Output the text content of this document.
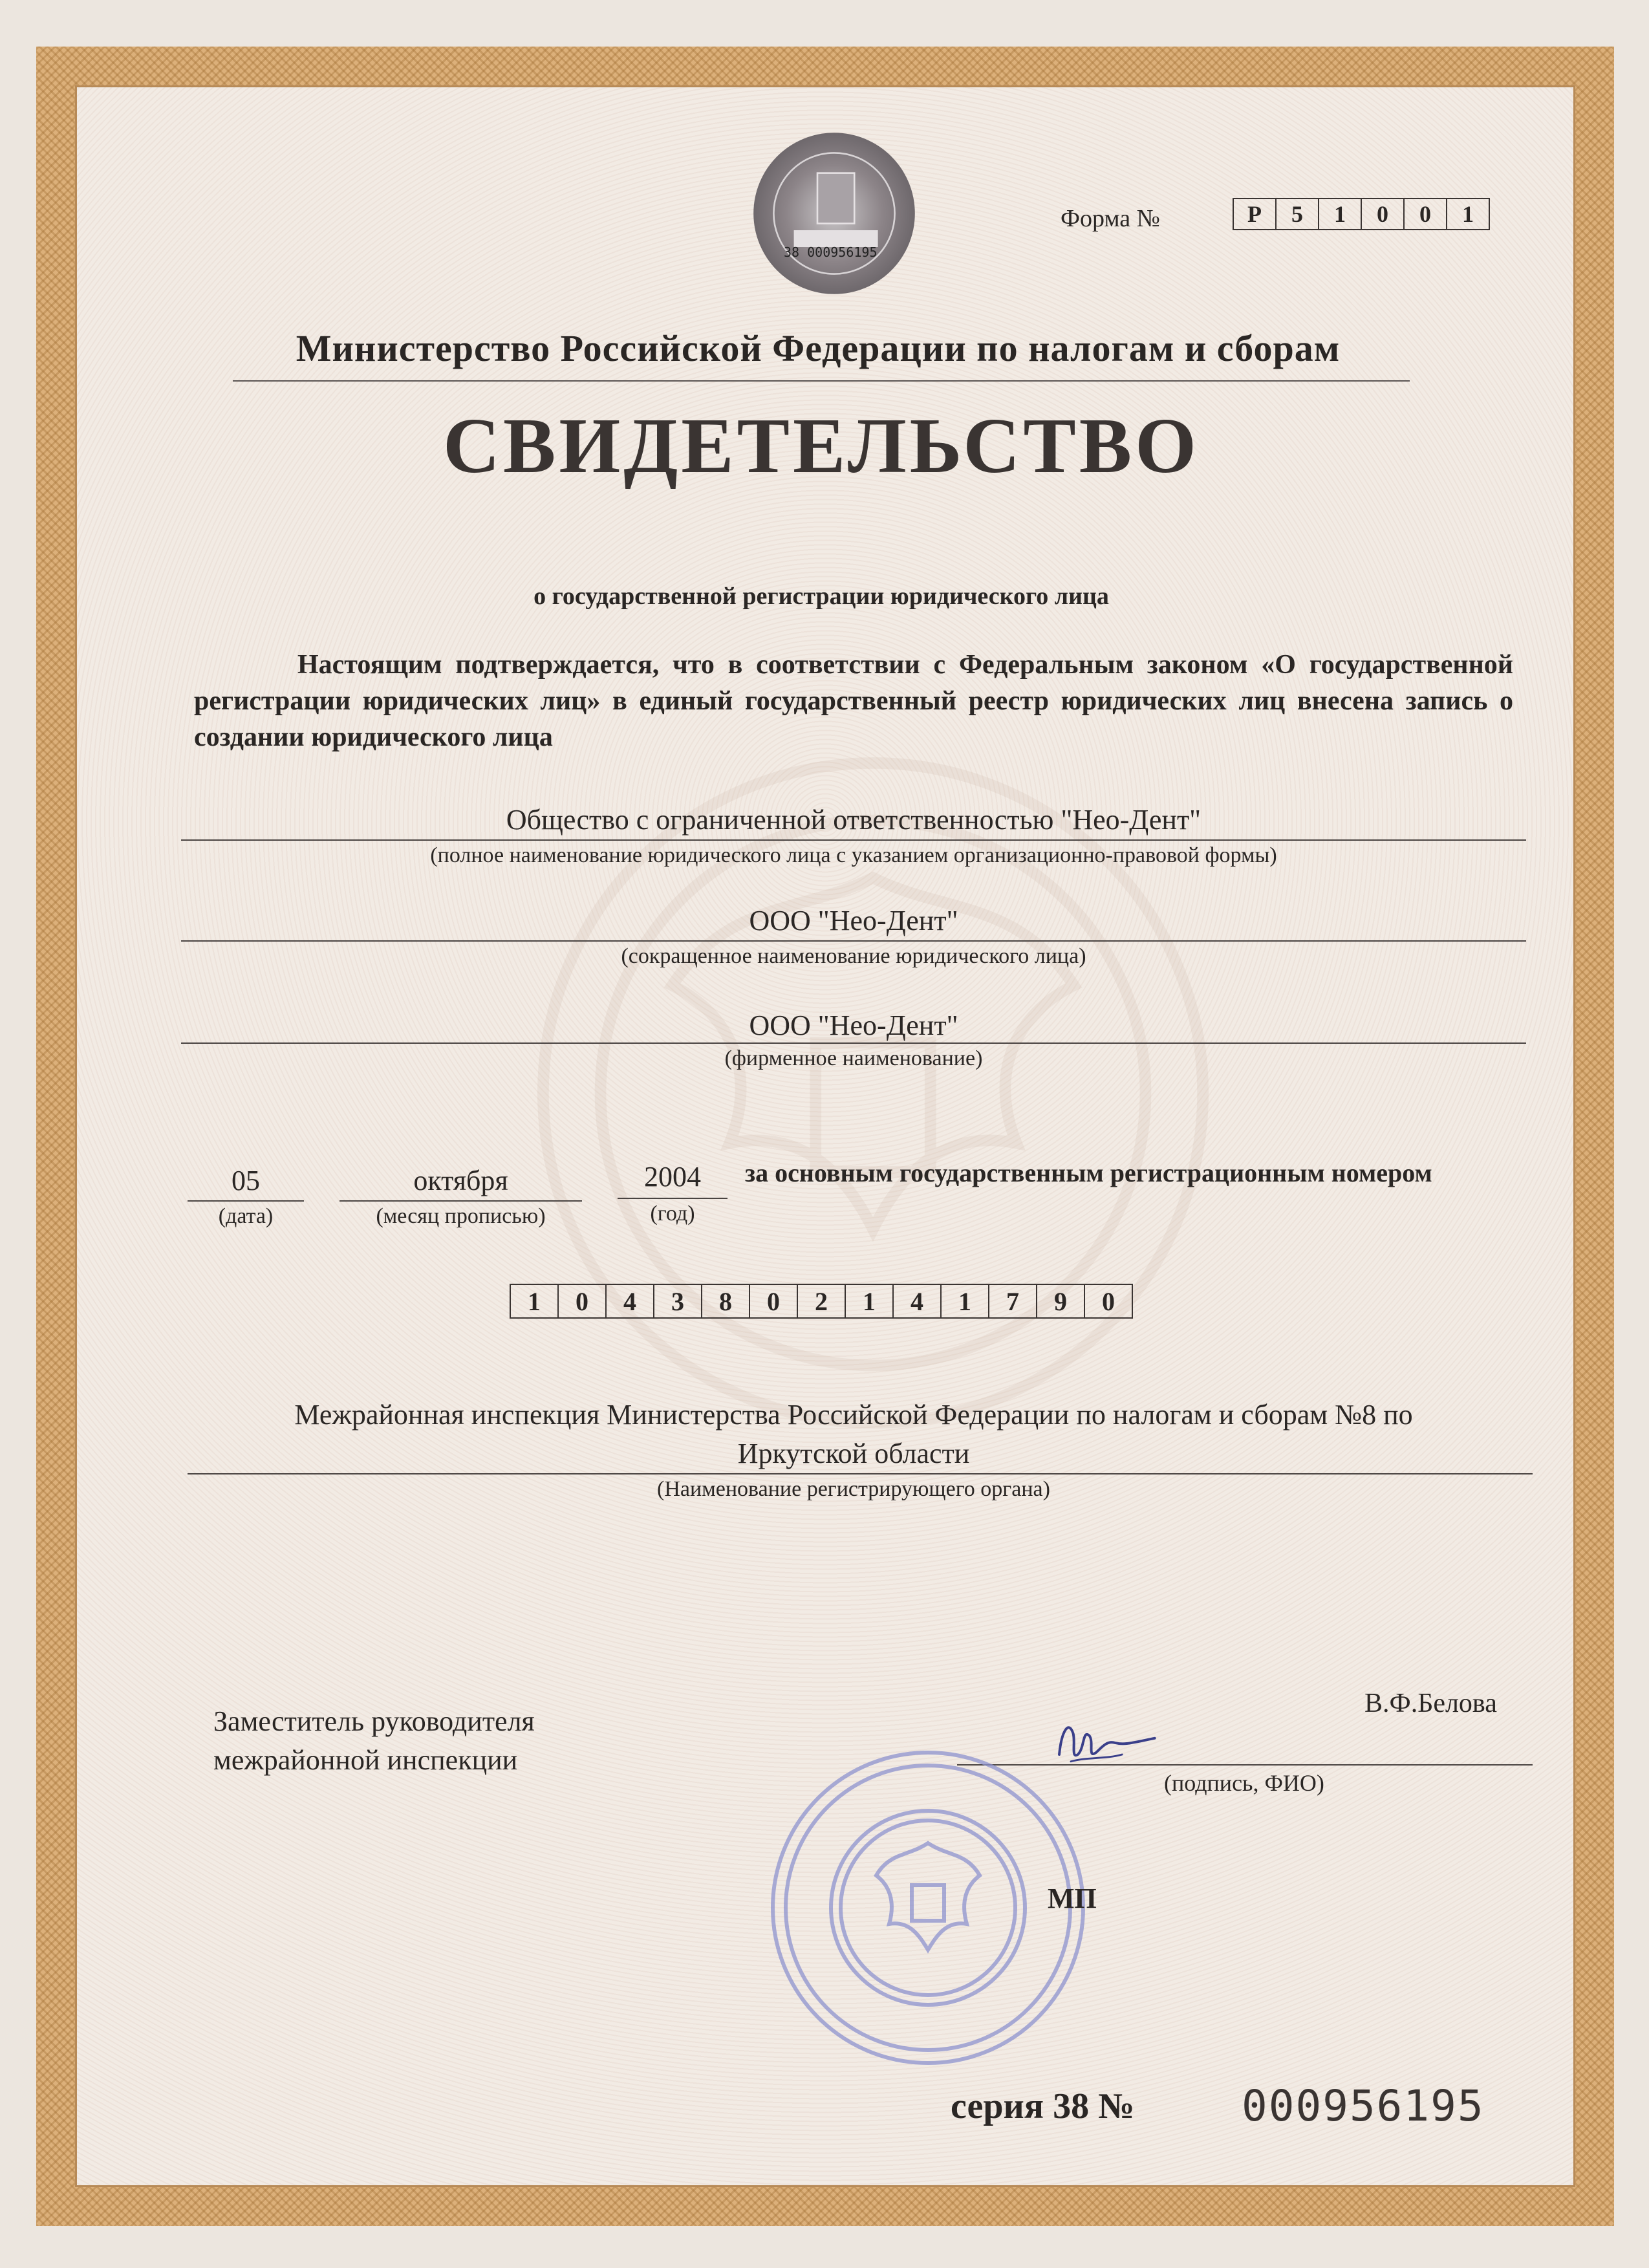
38 000956195
Форма №	Р	5	1	0	0	1
Министерство Российской Федерации по налогам и сборам
СВИДЕТЕЛЬСТВО
о государственной регистрации юридического лица
Настоящим подтверждается, что в соответствии с Федеральным законом «О государственной регистрации юридических лиц» в единый государственный реестр юридических лиц внесена запись о создании юридического лица
Общество с ограниченной ответственностью "Нео-Дент"
(полное наименование юридического лица с указанием организационно-правовой формы)
ООО "Нео-Дент"
(сокращенное наименование юридического лица)
ООО "Нео-Дент"
(фирменное наименование)
05
(дата)
октября
(месяц прописью)
2004
(год)
за основным государственным регистрационным номером
1	0	4	3	8	0	2	1	4	1	7	9	0
Межрайонная инспекция Министерства Российской Федерации по налогам и сборам №8 по
Иркутской области
(Наименование регистрирующего органа)
Заместитель руководителя
межрайонной инспекции
В.Ф.Белова
(подпись, ФИО)
МП
серия 38 №	000956195
